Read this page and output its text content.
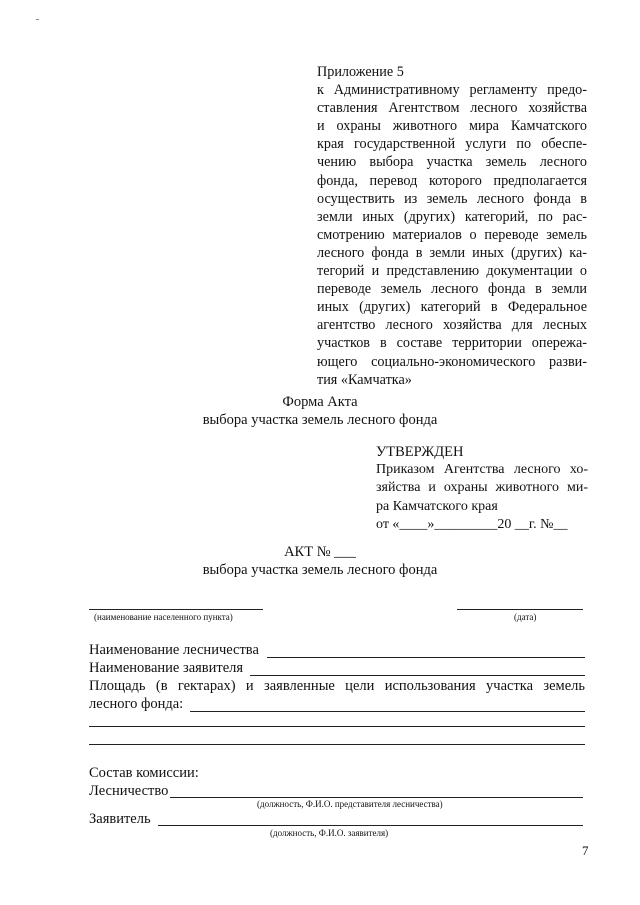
Приложение 5
к Административному регламенту предо-
ставления Агентством лесного хозяйства
и охраны животного мира Камчатского
края государственной услуги по обеспе-
чению выбора участка земель лесного
фонда, перевод которого предполагается
осуществить из земель лесного фонда в
земли иных (других) категорий, по рас-
смотрению материалов о переводе земель
лесного фонда в земли иных (других) ка-
тегорий и представлению документации о
переводе земель лесного фонда в земли
иных (других) категорий в Федеральное
агентство лесного хозяйства для лесных
участков в составе территории опережа-
ющего социально-экономического разви-
тия «Камчатка»
Форма Акта
выбора участка земель лесного фонда
УТВЕРЖДЕН
Приказом Агентства лесного хо-
зяйства и охраны животного ми-
ра Камчатского края
от «____»_________20 __г. №__
АКТ № ___
выбора участка земель лесного фонда
(наименование населенного пункта)	(дата)
Наименование лесничества
Наименование заявителя
Площадь (в гектарах) и заявленные цели использования участка земель
лесного фонда:
Состав комиссии:
Лесничество
(должность, Ф.И.О. представителя лесничества)
Заявитель
(должность, Ф.И.О. заявителя)
7
